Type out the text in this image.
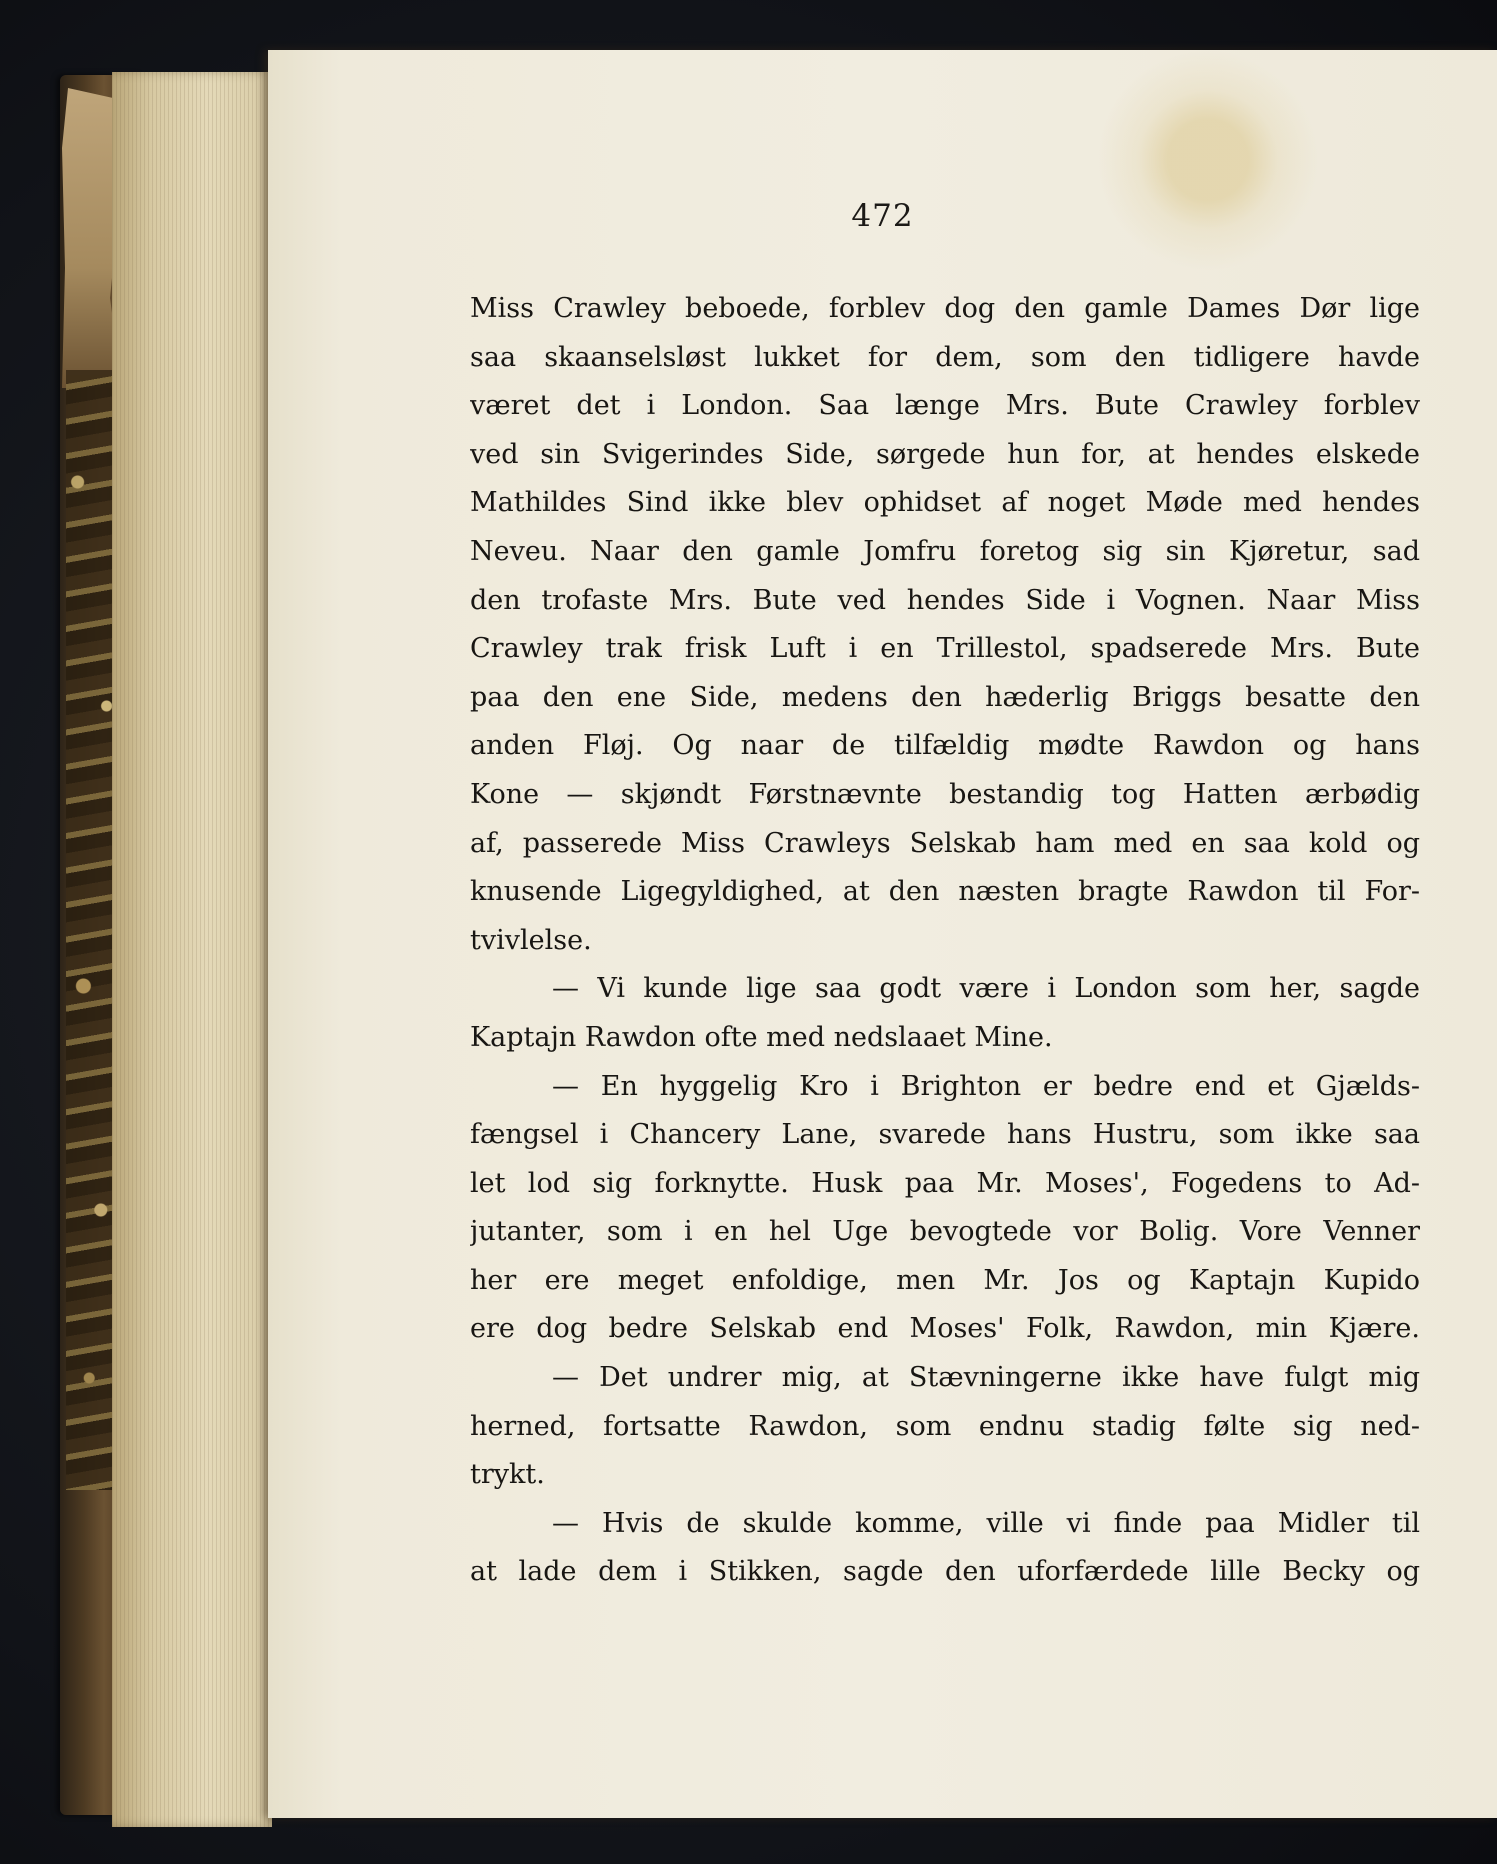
472
Miss Crawley beboede, forblev dog den gamle Dames Dør lige
saa skaanselsløst lukket for dem, som den tidligere havde
været det i London. Saa længe Mrs. Bute Crawley forblev
ved sin Svigerindes Side, sørgede hun for, at hendes elskede
Mathildes Sind ikke blev ophidset af noget Møde med hendes
Neveu. Naar den gamle Jomfru foretog sig sin Kjøretur, sad
den trofaste Mrs. Bute ved hendes Side i Vognen. Naar Miss
Crawley trak frisk Luft i en Trillestol, spadserede Mrs. Bute
paa den ene Side, medens den hæderlig Briggs besatte den
anden Fløj. Og naar de tilfældig mødte Rawdon og hans
Kone — skjøndt Førstnævnte bestandig tog Hatten ærbødig
af, passerede Miss Crawleys Selskab ham med en saa kold og
knusende Ligegyldighed, at den næsten bragte Rawdon til For-
tvivlelse.
— Vi kunde lige saa godt være i London som her, sagde
Kaptajn Rawdon ofte med nedslaaet Mine.
— En hyggelig Kro i Brighton er bedre end et Gjælds-
fængsel i Chancery Lane, svarede hans Hustru, som ikke saa
let lod sig forknytte. Husk paa Mr. Moses', Fogedens to Ad-
jutanter, som i en hel Uge bevogtede vor Bolig. Vore Venner
her ere meget enfoldige, men Mr. Jos og Kaptajn Kupido
ere dog bedre Selskab end Moses' Folk, Rawdon, min Kjære.
— Det undrer mig, at Stævningerne ikke have fulgt mig
herned, fortsatte Rawdon, som endnu stadig følte sig ned-
trykt.
— Hvis de skulde komme, ville vi finde paa Midler til
at lade dem i Stikken, sagde den uforfærdede lille Becky og
